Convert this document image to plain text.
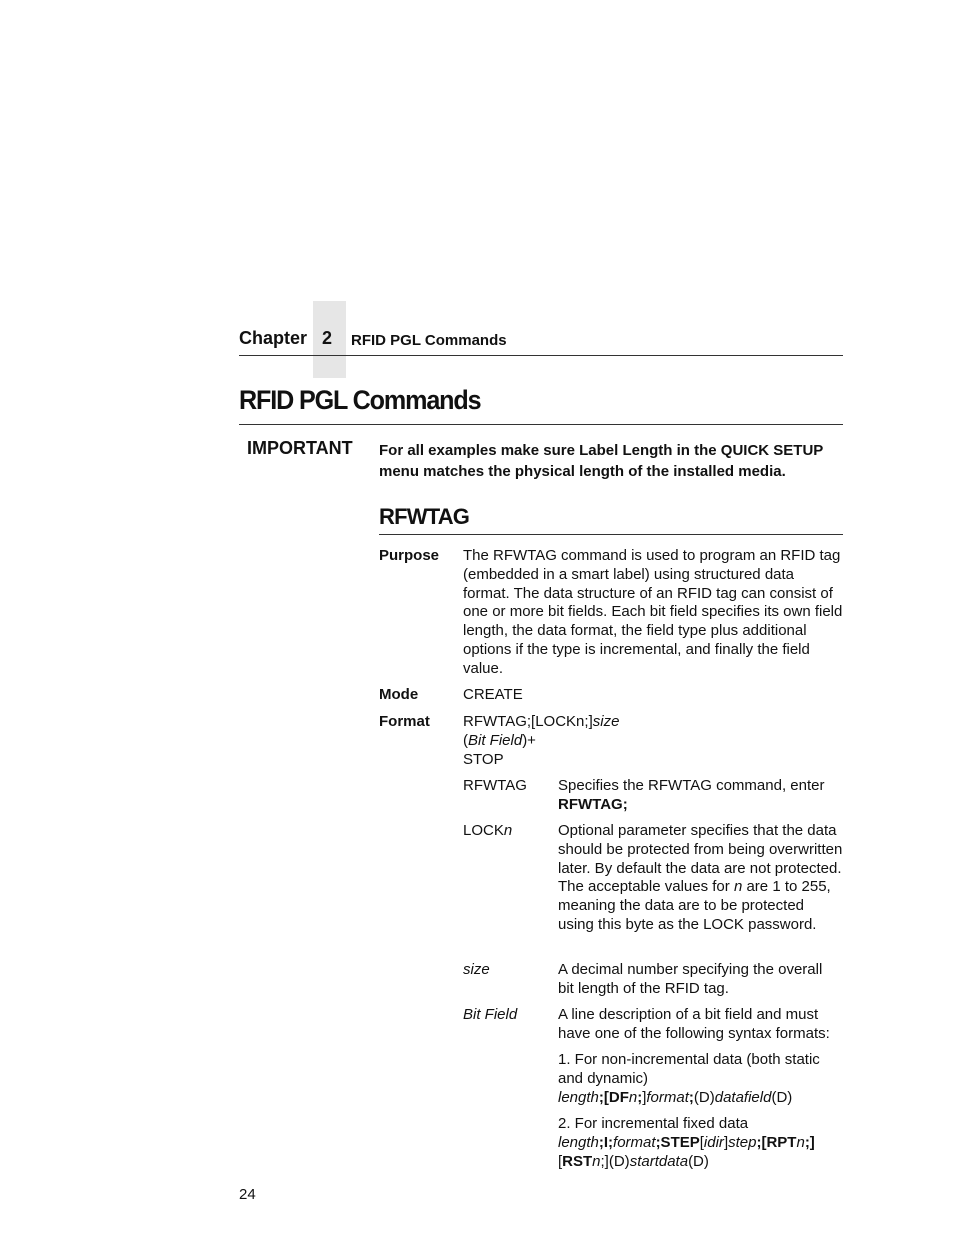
Chapter 2 RFID PGL Commands
RFID PGL Commands
IMPORTANT For all examples make sure Label Length in the QUICK SETUP menu matches the physical length of the installed media.
RFWTAG
Purpose The RFWTAG command is used to program an RFID tag (embedded in a smart label) using structured data format. The data structure of an RFID tag can consist of one or more bit fields. Each bit field specifies its own field length, the data format, the field type plus additional options if the type is incremental, and finally the field value.
Mode	CREATE
Format RFWTAG;[LOCKn;]size
(Bit Field)+
STOP
RFWTAG Specifies the RFWTAG command, enter
RFWTAG;
LOCKn	Optional parameter specifies that the data should be protected from being overwritten later. By default the data are not protected. The acceptable values for n are 1 to 255, meaning the data are to be protected using this byte as the LOCK password.
size	A decimal number specifying the overall bit length of the RFID tag.
Bit Field	A line description of a bit field and must have one of the following syntax formats:
1. For non-incremental data (both static and dynamic)
length;[DFn;]format;(D)datafield(D)
2. For incremental fixed data
length;I;format;STEP[idir]step;[RPTn;]
[RSTn;](D)startdata(D)
24
